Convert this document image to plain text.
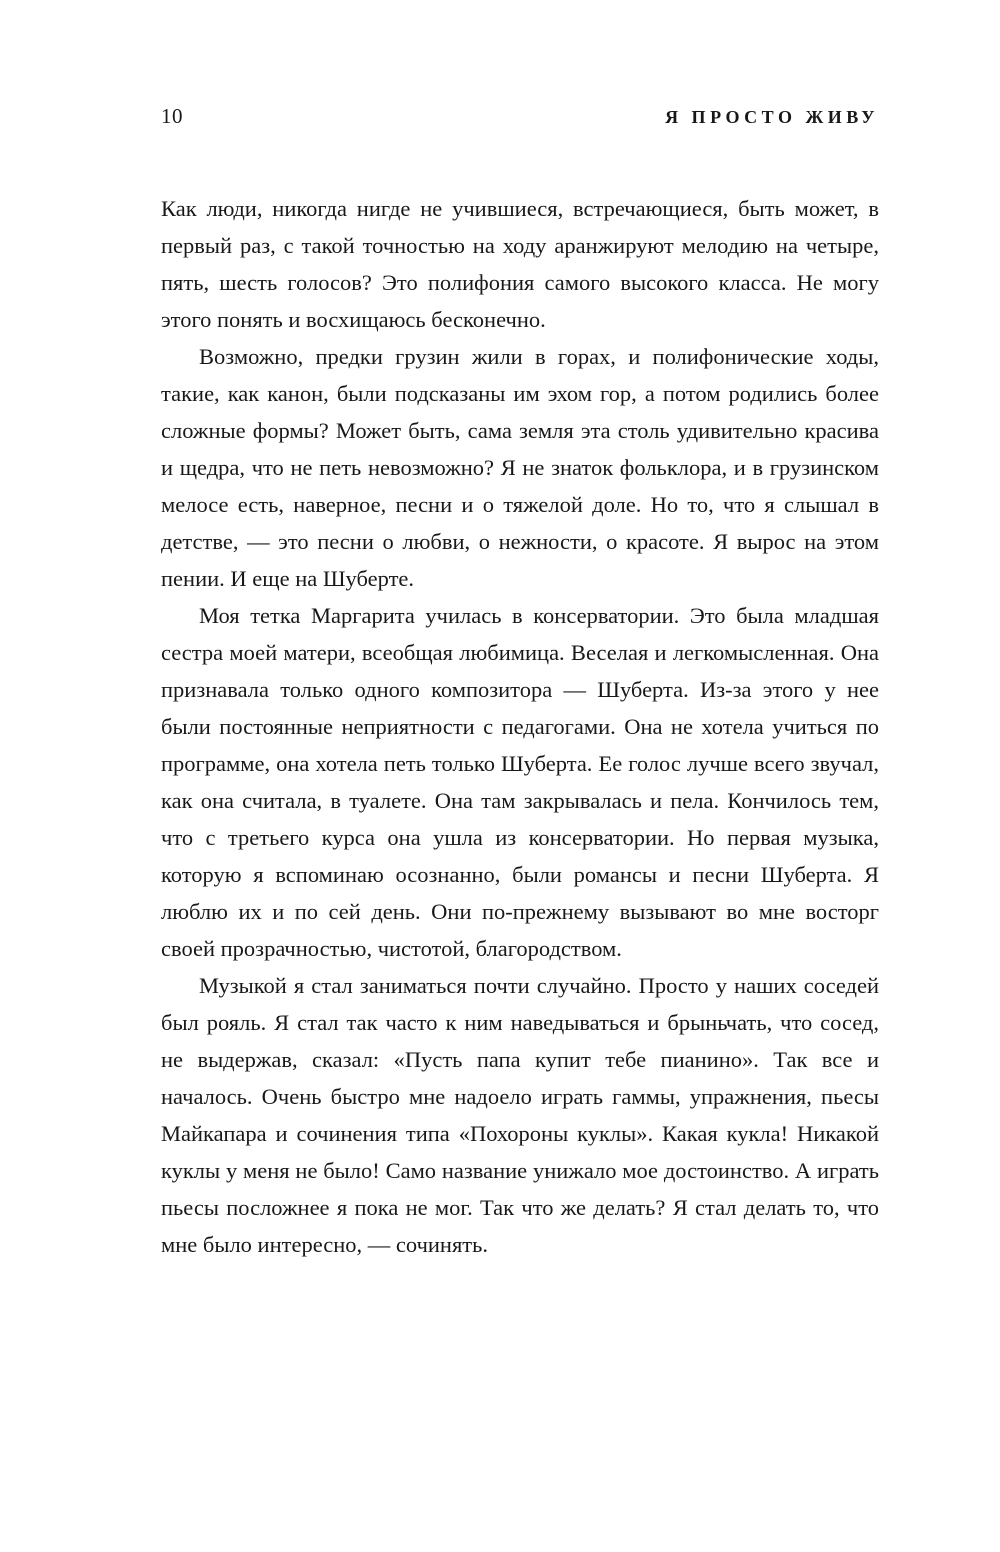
10	Я ПРОСТО ЖИВУ

Как люди, никогда нигде не учившиеся, встречающиеся, быть может, в первый раз, с такой точностью на ходу аранжируют мелодию на четыре, пять, шесть голосов? Это полифония самого высокого класса. Не могу этого понять и восхищаюсь бесконечно.

Возможно, предки грузин жили в горах, и полифонические ходы, такие, как канон, были подсказаны им эхом гор, а потом родились более сложные формы? Может быть, сама земля эта столь удивительно красива и щедра, что не петь невозможно? Я не знаток фольклора, и в грузинском мелосе есть, наверное, песни и о тяжелой доле. Но то, что я слышал в детстве, — это песни о любви, о нежности, о красоте. Я вырос на этом пении. И еще на Шуберте.

Моя тетка Маргарита училась в консерватории. Это была младшая сестра моей матери, всеобщая любимица. Веселая и легкомысленная. Она признавала только одного композитора — Шуберта. Из-за этого у нее были постоянные неприятности с педагогами. Она не хотела учиться по программе, она хотела петь только Шуберта. Ее голос лучше всего звучал, как она считала, в туалете. Она там закрывалась и пела. Кончилось тем, что с третьего курса она ушла из консерватории. Но первая музыка, которую я вспоминаю осознанно, были романсы и песни Шуберта. Я люблю их и по сей день. Они по-прежнему вызывают во мне восторг своей прозрачностью, чистотой, благородством.

Музыкой я стал заниматься почти случайно. Просто у наших соседей был рояль. Я стал так часто к ним наведываться и брыньчать, что сосед, не выдержав, сказал: «Пусть папа купит тебе пианино». Так все и началось. Очень быстро мне надоело играть гаммы, упражнения, пьесы Майкапара и сочинения типа «Похороны куклы». Какая кукла! Никакой куклы у меня не было! Само название унижало мое достоинство. А играть пьесы посложнее я пока не мог. Так что же делать? Я стал делать то, что мне было интересно, — сочинять.
